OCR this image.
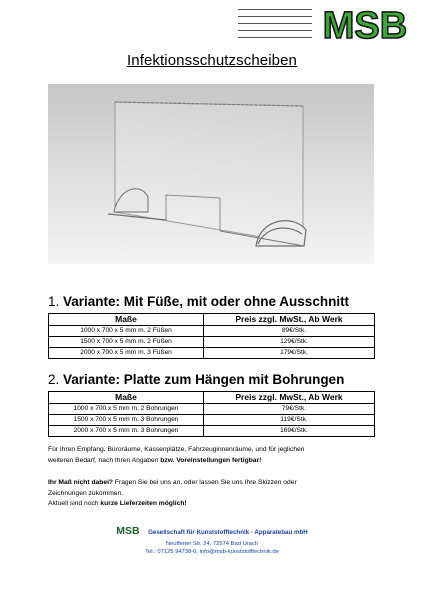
MSB
Infektionsschutzscheiben
1. Variante: Mit Füße, mit oder ohne Ausschnitt
Maße	Preis zzgl. MwSt., Ab Werk
1000 x 700 x 5 mm m. 2 Füßen	89€/Stk.
1500 x 700 x 5 mm m. 2 Füßen	129€/Stk.
2000 x 700 x 5 mm m. 3 Füßen	179€/Stk.
2. Variante: Platte zum Hängen mit Bohrungen
Maße	Preis zzgl. MwSt., Ab Werk
1000 x 700 x 5 mm m. 2 Bohrungen	79€/Stk.
1500 x 700 x 5 mm m. 3 Bohrungen	119€/Stk.
2000 x 700 x 5 mm m. 3 Bohrungen	169€/Stk.
Für Ihren Empfang, Büroräume, Kassenplätze, Fahrzeuginnenräume, und für jeglichen
weiteren Bedarf, nach Ihren Angaben bzw. Voreinstellungen fertigbar!
Ihr Maß nicht dabei? Fragen Sie bei uns an, oder lassen Sie uns Ihre Skizzen oder
Zeichnungen zukommen.
Aktuell sind noch kurze Lieferzeiten möglich!
MSB Gesellschaft für Kunststofftechnik - Apparatebau mbH
Neuffener Str. 24, 72574 Bad Urach
Tel.: 07125 94738-0, info@msb-kunststofftechnik.de
